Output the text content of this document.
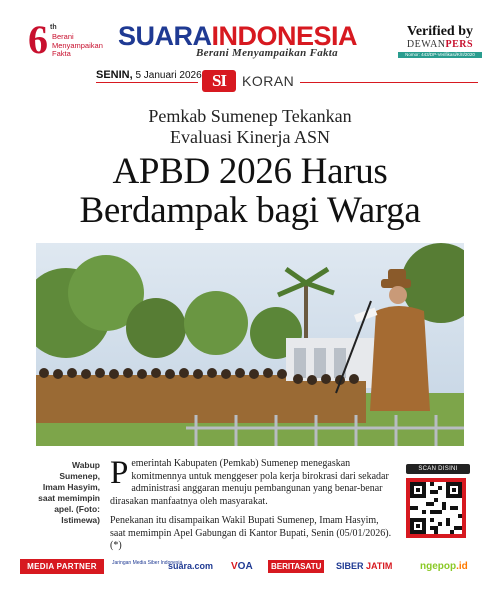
6 th
Berani Menyampaikan Fakta
SUARAINDONESIA
Berani Menyampaikan Fakta
Verified by
DEWANPERS
Nomor: 443/DP-Verifikasi/K/II/2020
SENIN, 5 Januari 2026 SI	KORAN
Pemkab Sumenep Tekankan
Evaluasi Kinerja ASN
APBD 2026 Harus
Berdampak bagi Warga
Wabup Sumenep, Imam Hasyim, saat memimpin apel. (Foto: Istimewa)

Pemerintah Kabupaten (Pemkab) Sumenep menegaskan komitmennya untuk menggeser pola kerja birokrasi dari sekadar administrasi anggaran menuju pembangunan yang benar-benar dirasakan manfaatnya oleh masyarakat.

Penekanan itu disampaikan Wakil Bupati Sumenep, Imam Hasyim, saat memimpin Apel Gabungan di Kantor Bupati, Senin (05/01/2026). (*)

SCAN DISINI
MEDIA PARTNER	Jaringan Media Siber Indonesia
suara.com VOA	BERITASATU	SIBER JATIM	ngepop.id
